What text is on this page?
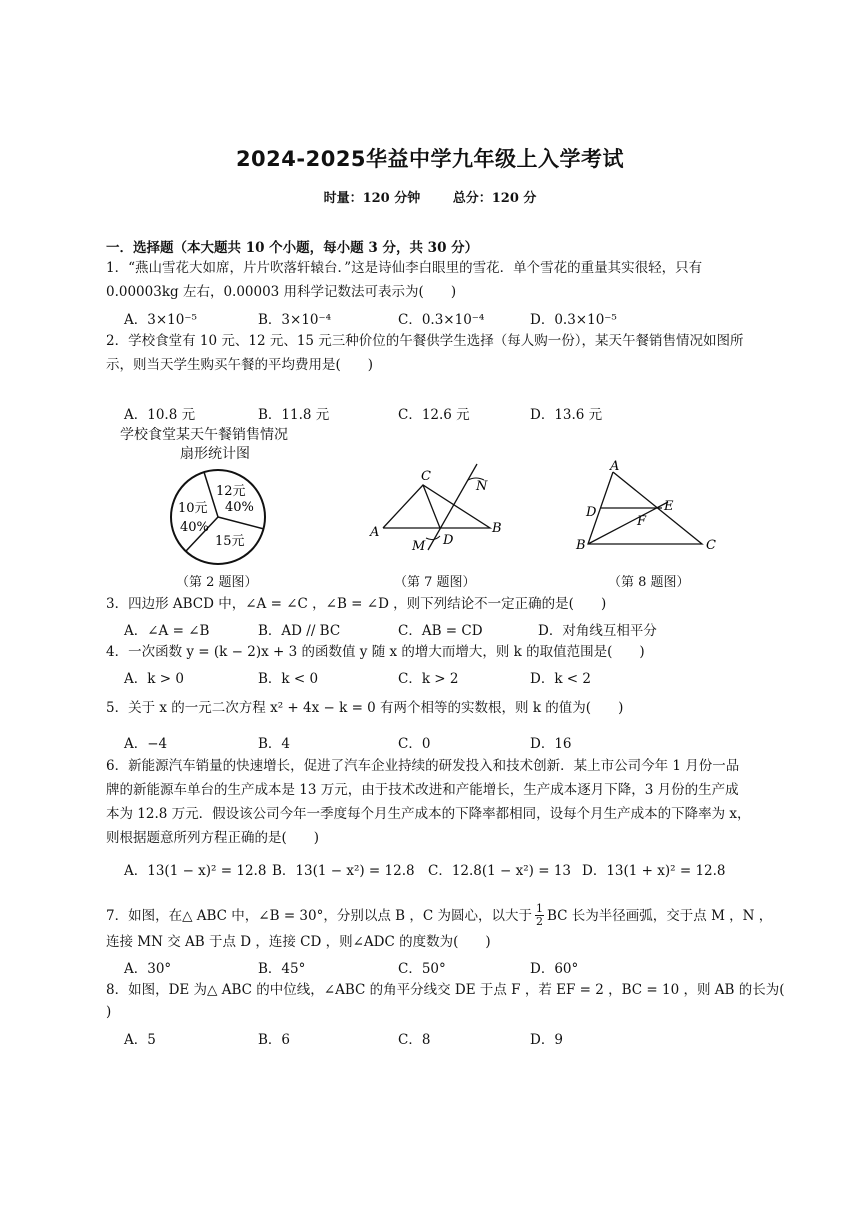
2024-2025华益中学九年级上入学考试
时量：120 分钟	总分：120 分
一．选择题（本大题共 10 个小题，每小题 3 分，共 30 分）
1．“燕山雪花大如席，片片吹落轩辕台．”这是诗仙李白眼里的雪花．单个雪花的重量其实很轻，只有
0.00003kg 左右，0.00003 用科学记数法可表示为(　　)
A．3×10⁻⁵	B．3×10⁻⁴	C．0.3×10⁻⁴	D．0.3×10⁻⁵
2．学校食堂有 10 元、12 元、15 元三种价位的午餐供学生选择（每人购一份），某天午餐销售情况如图所
示，则当天学生购买午餐的平均费用是(　　)
A．10.8 元	B．11.8 元	C．12.6 元	D．13.6 元
学校食堂某天午餐销售情况
扇形统计图
12元
40%
10元
40%
15元
（第 2 题图）
A
C
B
N
D
M
（第 7 题图）
A
D	E
F
B	C
（第 8 题图）
3．四边形 ABCD 中，∠A = ∠C ，∠B = ∠D ，则下列结论不一定正确的是(　　)
A．∠A = ∠B	B．AD // BC	C．AB = CD	D．对角线互相平分
4．一次函数 y = (k − 2)x + 3 的函数值 y 随 x 的增大而增大，则 k 的取值范围是(　　)
A．k > 0	B．k < 0	C．k > 2	D．k < 2
5．关于 x 的一元二次方程 x² + 4x − k = 0 有两个相等的实数根，则 k 的值为(　　)
A．−4	B．4	C．0	D．16
6．新能源汽车销量的快速增长，促进了汽车企业持续的研发投入和技术创新．某上市公司今年 1 月份一品
牌的新能源车单台的生产成本是 13 万元，由于技术改进和产能增长，生产成本逐月下降，3 月份的生产成
本为 12.8 万元．假设该公司今年一季度每个月生产成本的下降率都相同，设每个月生产成本的下降率为 x，
则根据题意所列方程正确的是(　　)
A．13(1 − x)² = 12.8 B．13(1 − x²) = 12.8 C．12.8(1 − x²) = 13 D．13(1 + x)² = 12.8
7．如图，在△ ABC 中，∠B = 30°，分别以点 B ，C 为圆心，以大于 $\frac{1}{2}$ BC 长为半径画弧，交于点 M ，N ，
连接 MN 交 AB 于点 D ，连接 CD ，则∠ADC 的度数为(　　)
A．30°	B．45°	C．50°	D．60°
8．如图，DE 为△ ABC 的中位线，∠ABC 的角平分线交 DE 于点 F ，若 EF = 2 ，BC = 10 ，则 AB 的长为(
)
A．5	B．6	C．8	D．9
